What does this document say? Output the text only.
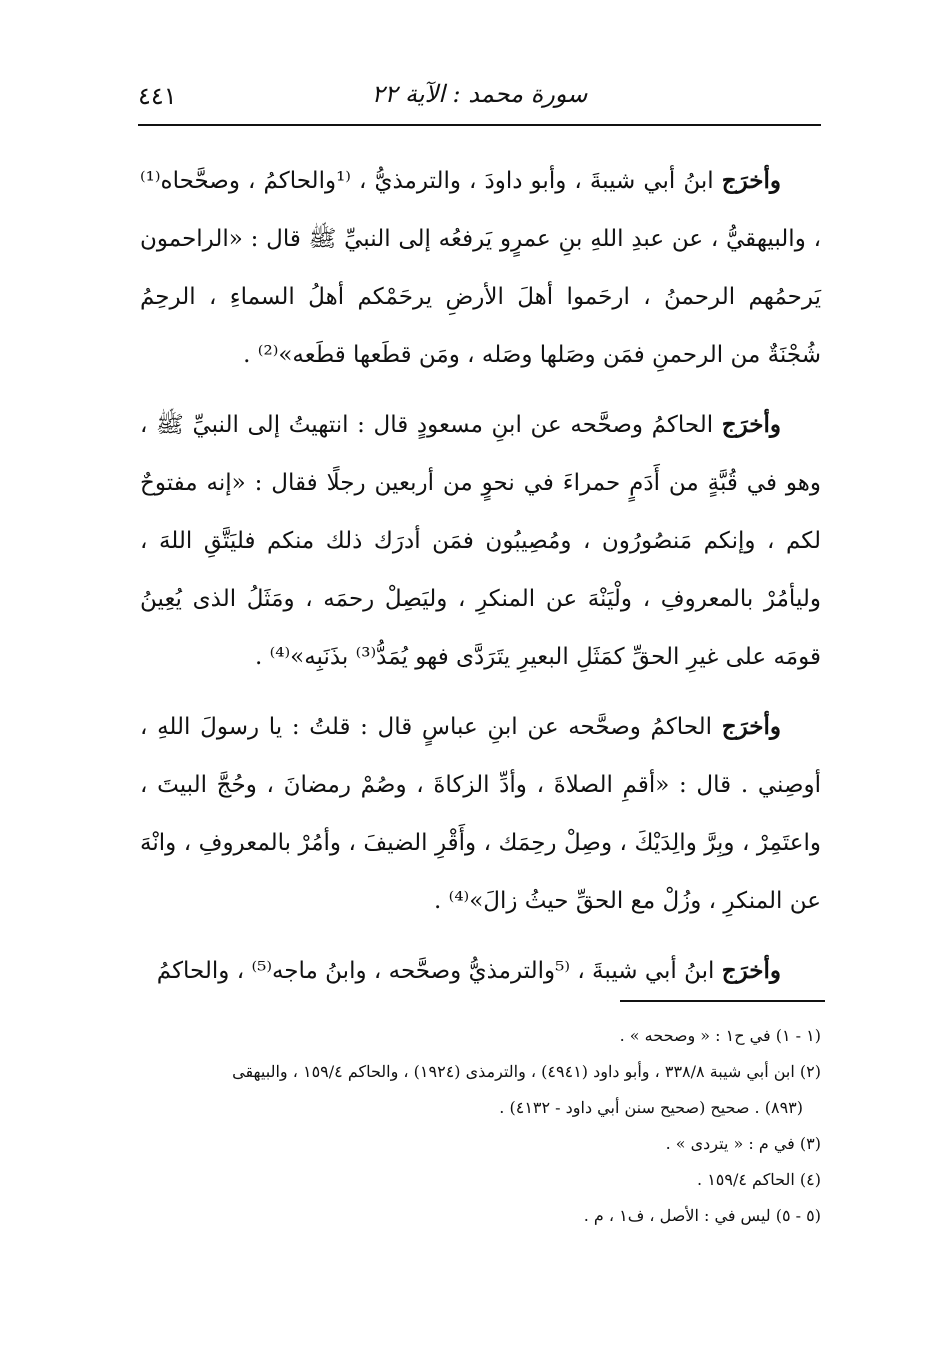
سورة محمد : الآية ٢٢
٤٤١

وأخرَج ابنُ أبي شيبةَ ، وأبو داودَ ، والترمذيُّ ، ⁽¹والحاكمُ ، وصحَّحاه⁽¹⁾ ، والبيهقيُّ ، عن عبدِ اللهِ بنِ عمرٍو يَرفعُه إلى النبيِّ ﷺ قال : «الراحمون يَرحمُهم الرحمنُ ، ارحَموا أهلَ الأرضِ يرحَمْكم أهلُ السماءِ ، الرحِمُ شُجْنَةٌ من الرحمنِ فمَن وصَلها وصَله ، ومَن قطَعها قطَعه»⁽²⁾ .

وأخرَج الحاكمُ وصحَّحه عن ابنِ مسعودٍ قال : انتهيتُ إلى النبيِّ ﷺ ، وهو في قُبَّةٍ من أَدَمٍ حمراءَ في نحوٍ من أربعين رجلًا فقال : «إنه مفتوحٌ لكم ، وإنكم مَنصُورُون ، ومُصِيبُون فمَن أدرَك ذلك منكم فليَتَّقِ اللهَ ، وليأمُرْ بالمعروفِ ، ولْيَنْهَ عن المنكرِ ، وليَصِلْ رحمَه ، ومَثَلُ الذى يُعِينُ قومَه على غيرِ الحقِّ كمَثَلِ البعيرِ يتَرَدَّى فهو يُمَدُّ⁽³⁾ بذَنَبِه»⁽⁴⁾ .

وأخرَج الحاكمُ وصحَّحه عن ابنِ عباسٍ قال : قلتُ : يا رسولَ اللهِ ، أوصِني . قال : «أقمِ الصلاةَ ، وأدِّ الزكاةَ ، وصُمْ رمضانَ ، وحُجَّ البيتَ ، واعتَمِرْ ، وبِرَّ والِدَيْكَ ، وصِلْ رحِمَك ، وأَقْرِ الضيفَ ، وأمُرْ بالمعروفِ ، وانْهَ عن المنكرِ ، وزُلْ مع الحقِّ حيثُ زالَ»⁽⁴⁾ .

وأخرَج ابنُ أبي شيبةَ ، ⁽⁵والترمذيُّ وصحَّحه ، وابنُ ماجه⁽⁵⁾ ، والحاكمُ

(١ - ١) في ح١ : « وصححه » .

(٢) ابن أبي شيبة ٣٣٨/٨ ، وأبو داود (٤٩٤١) ، والترمذى (١٩٢٤) ، والحاكم ١٥٩/٤ ، والبيهقى

(٨٩٣) . صحيح (صحيح سنن أبي داود - ٤١٣٢) .

(٣) في م : « يتردى » .

(٤) الحاكم ١٥٩/٤ .

(٥ - ٥) ليس في : الأصل ، ف١ ، م .
